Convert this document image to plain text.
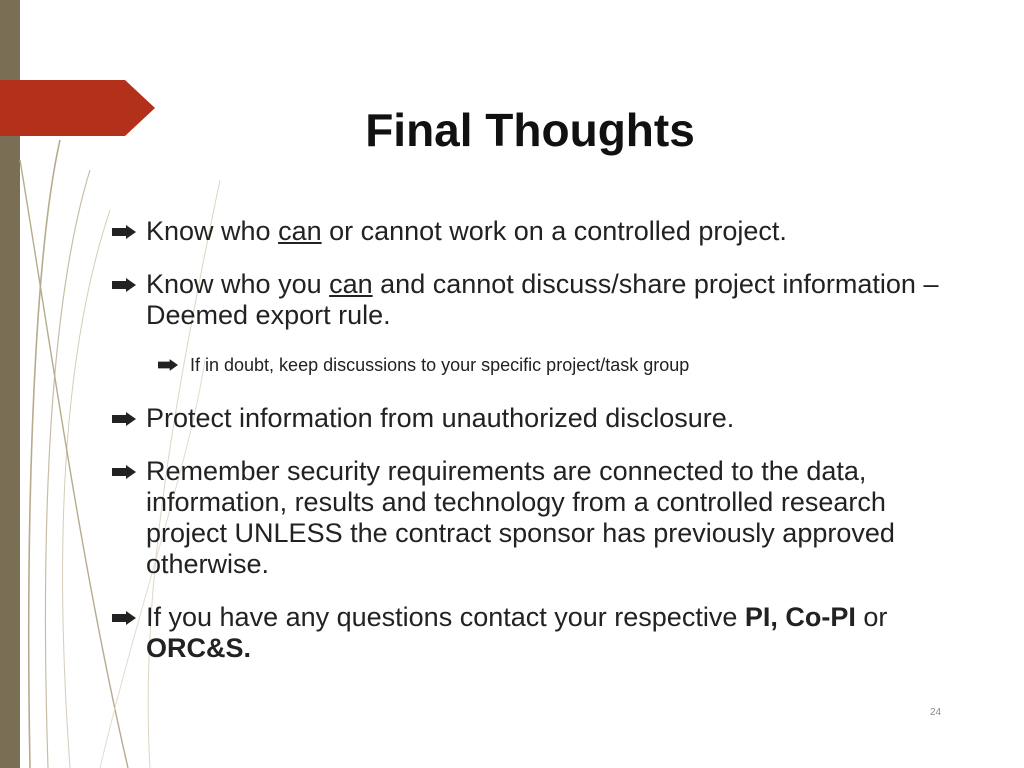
Final Thoughts
Know who can or cannot work on a controlled project.
Know who you can and cannot discuss/share project information – Deemed export rule.
If in doubt, keep discussions to your specific project/task group
Protect information from unauthorized disclosure.
Remember security requirements are connected to the data, information, results and technology from a controlled research project UNLESS the contract sponsor has previously approved otherwise.
If you have any questions contact your respective PI, Co-PI or ORC&S.
24
